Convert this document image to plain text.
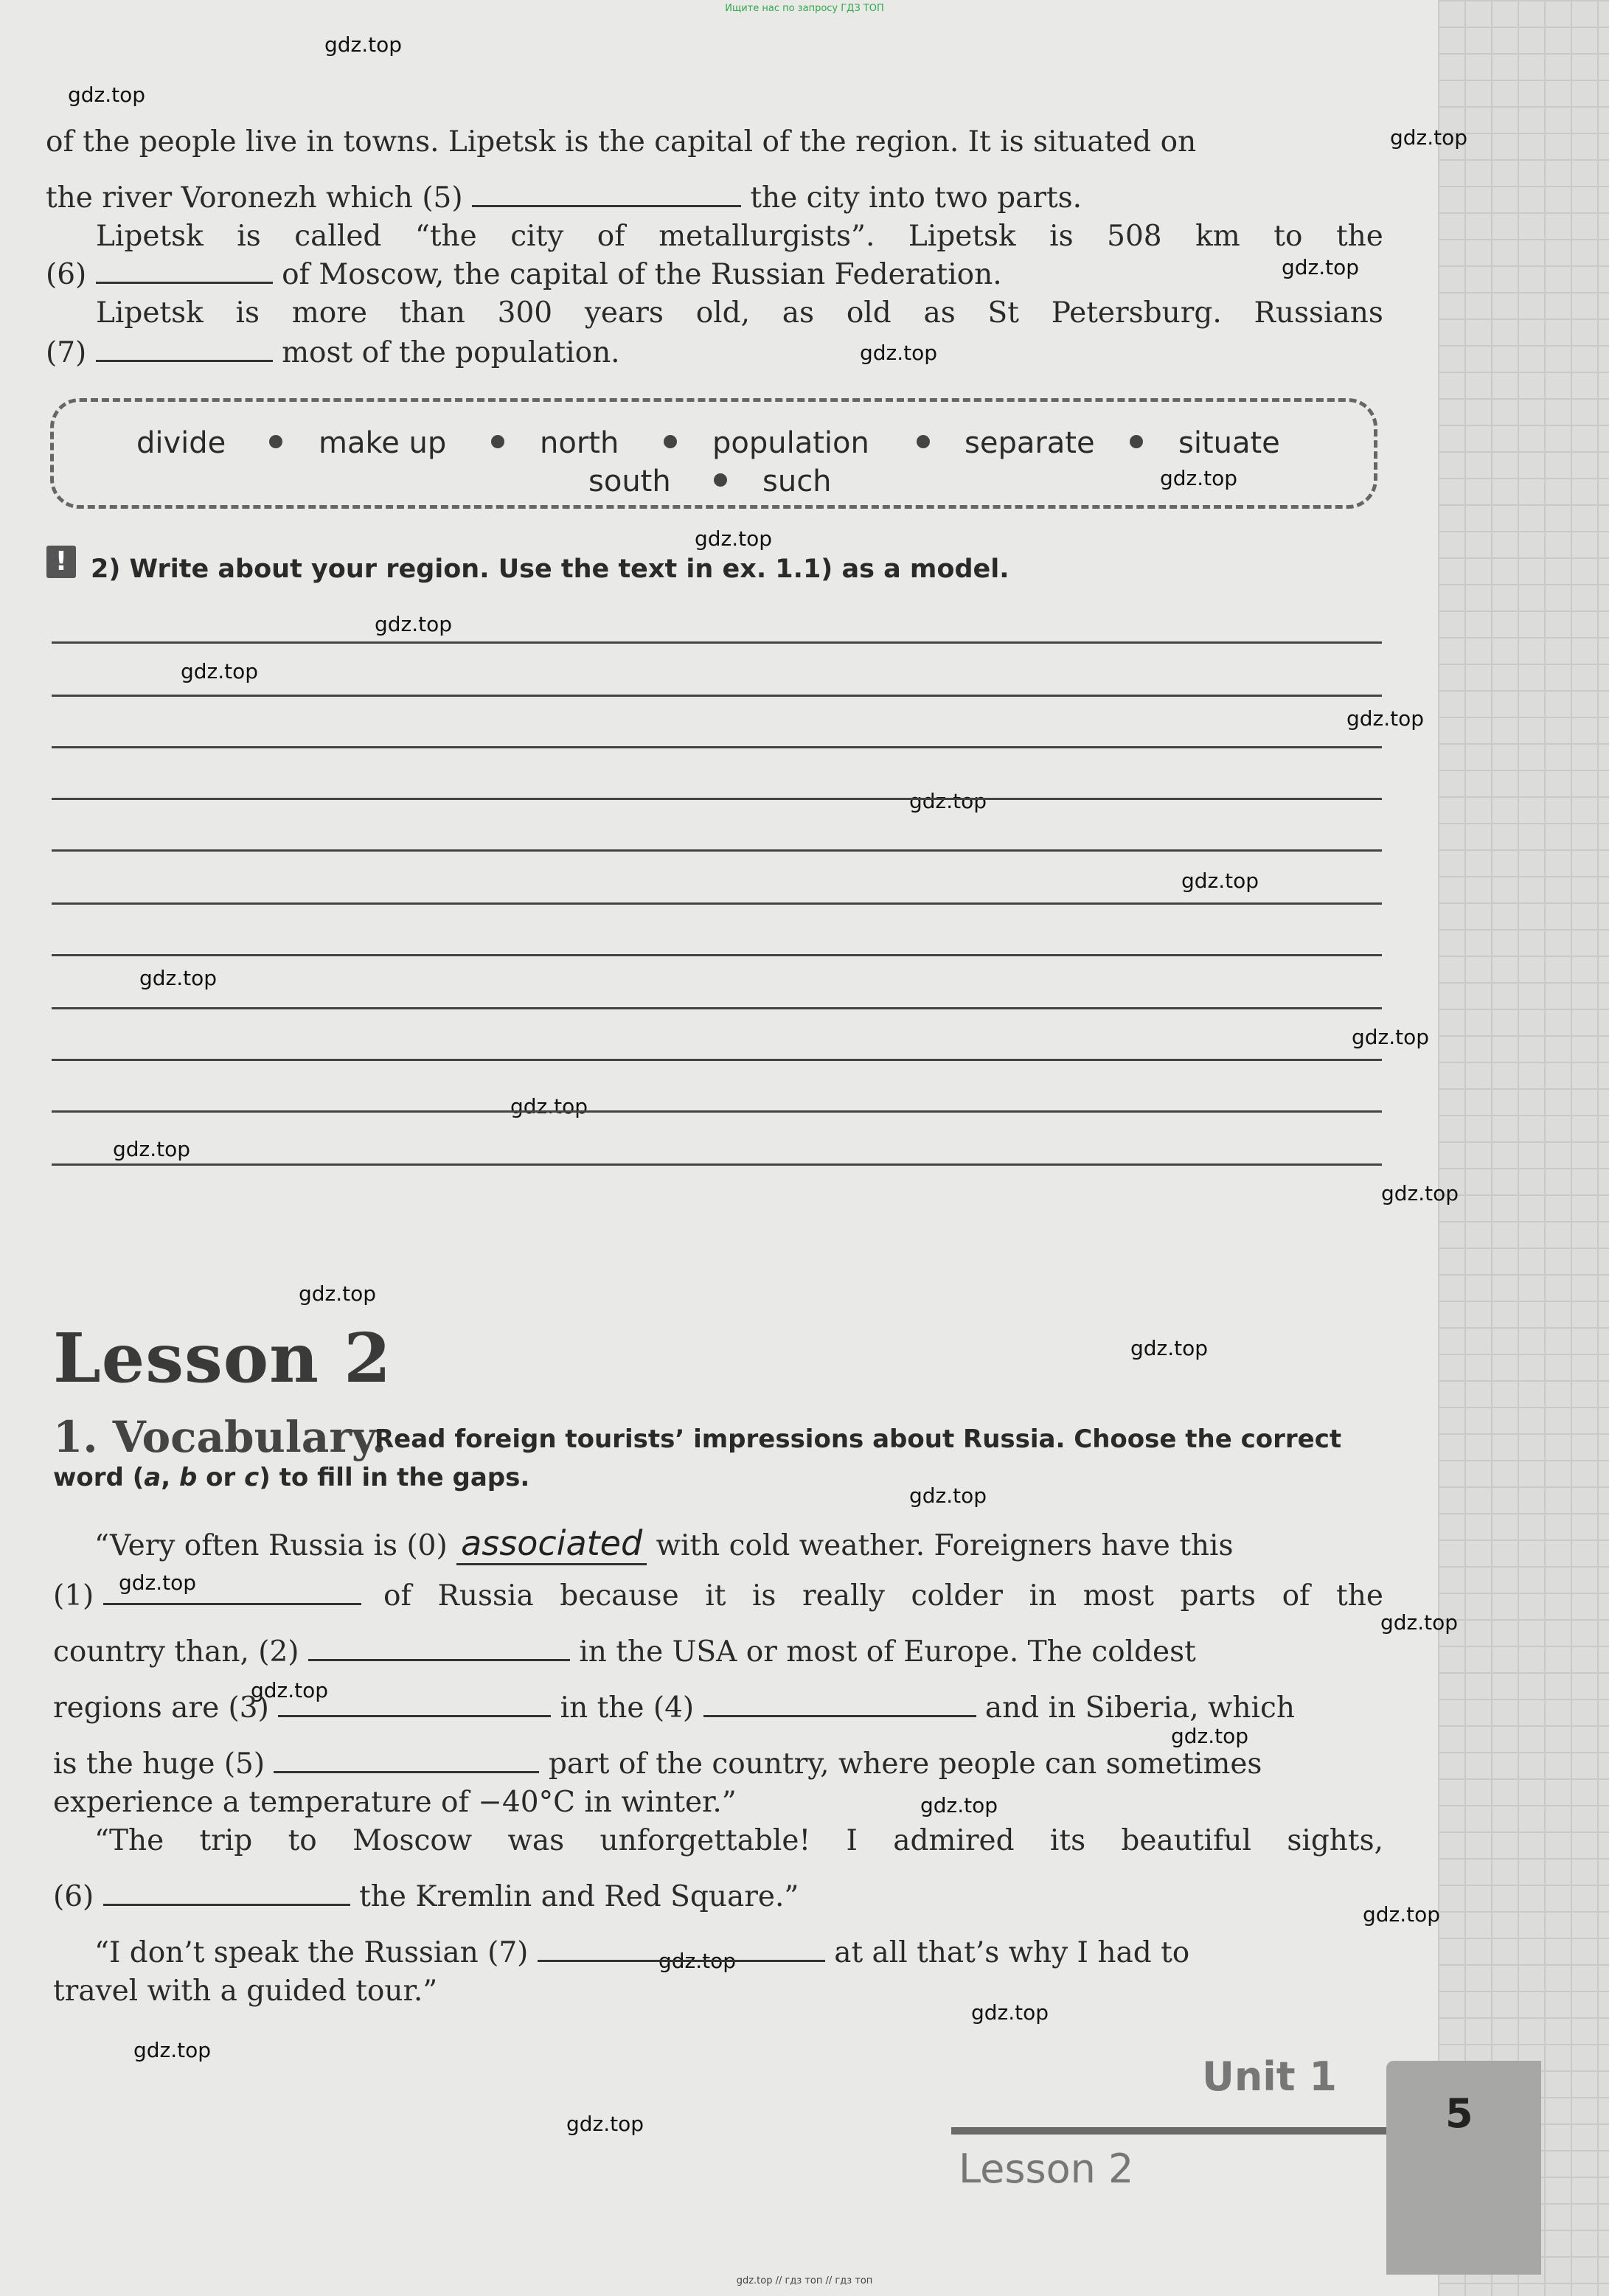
Ищите нас по запросу ГДЗ ТОП
gdz.top
gdz.top
gdz.top
gdz.top
gdz.top
gdz.top
gdz.top
gdz.top
gdz.top
gdz.top
gdz.top
gdz.top
gdz.top
gdz.top
gdz.top
gdz.top
gdz.top
gdz.top
gdz.top
gdz.top
gdz.top
gdz.top
gdz.top
gdz.top
gdz.top
gdz.top
gdz.top
gdz.top
gdz.top
gdz.top
of the people live in towns. Lipetsk is the capital of the region. It is situated on
the river Voronezh which (5)	the city into two parts.
Lipetsk is called “the city of metallurgists”. Lipetsk is 508 km to the
(6)	of Moscow, the capital of the Russian Federation.
Lipetsk is more than 300 years old, as old as St Petersburg. Russians
(7)	most of the population.
divide	make up	north	population	separate	situate
south	such
! 2) Write about your region. Use the text in ex. 1.1) as a model.
Lesson 2
1. Vocabulary.
Read foreign tourists’ impressions about Russia. Choose the correct
word (a, b or c) to fill in the gaps.
“Very often Russia is (0) associated with cold weather. Foreigners have this
(1)	of Russia because it is really colder in most parts of the
country than, (2)	in the USA or most of Europe. The coldest
regions are (3)	in the (4)	and in Siberia, which
is the huge (5)	part of the country, where people can sometimes
experience a temperature of −40°C in winter.”
“The trip to Moscow was unforgettable! I admired its beautiful sights,
(6)	the Kremlin and Red Square.”
“I don’t speak the Russian (7)	at all that’s why I had to
travel with a guided tour.”
Unit 1
Lesson 2
5
gdz.top // гдз топ // гдз топ
